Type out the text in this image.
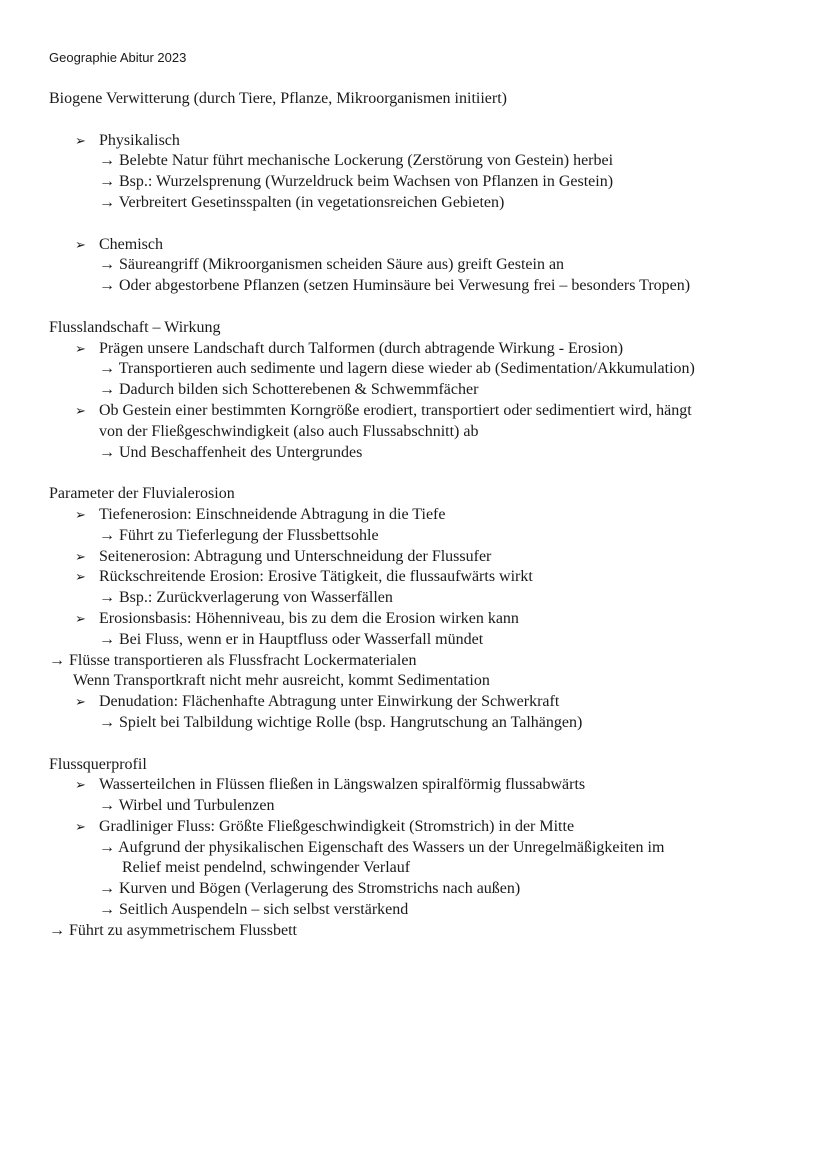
Geographie Abitur 2023
Biogene Verwitterung (durch Tiere, Pflanze, Mikroorganismen initiiert)
➢ Physikalisch
→ Belebte Natur führt mechanische Lockerung (Zerstörung von Gestein) herbei
→ Bsp.: Wurzelsprenung (Wurzeldruck beim Wachsen von Pflanzen in Gestein)
→ Verbreitert Gesetinsspalten (in vegetationsreichen Gebieten)
➢ Chemisch
→ Säureangriff (Mikroorganismen scheiden Säure aus) greift Gestein an
→ Oder abgestorbene Pflanzen (setzen Huminsäure bei Verwesung frei – besonders Tropen)
Flusslandschaft – Wirkung
➢ Prägen unsere Landschaft durch Talformen (durch abtragende Wirkung - Erosion)
→ Transportieren auch sedimente und lagern diese wieder ab (Sedimentation/Akkumulation)
→ Dadurch bilden sich Schotterebenen & Schwemmfächer
➢ Ob Gestein einer bestimmten Korngröße erodiert, transportiert oder sedimentiert wird, hängt
von der Fließgeschwindigkeit (also auch Flussabschnitt) ab
→ Und Beschaffenheit des Untergrundes
Parameter der Fluvialerosion
➢ Tiefenerosion: Einschneidende Abtragung in die Tiefe
→ Führt zu Tieferlegung der Flussbettsohle
➢ Seitenerosion: Abtragung und Unterschneidung der Flussufer
➢ Rückschreitende Erosion: Erosive Tätigkeit, die flussaufwärts wirkt
→ Bsp.: Zurückverlagerung von Wasserfällen
➢ Erosionsbasis: Höhenniveau, bis zu dem die Erosion wirken kann
→ Bei Fluss, wenn er in Hauptfluss oder Wasserfall mündet
→ Flüsse transportieren als Flussfracht Lockermaterialen
Wenn Transportkraft nicht mehr ausreicht, kommt Sedimentation
➢ Denudation: Flächenhafte Abtragung unter Einwirkung der Schwerkraft
→ Spielt bei Talbildung wichtige Rolle (bsp. Hangrutschung an Talhängen)
Flussquerprofil
➢ Wasserteilchen in Flüssen fließen in Längswalzen spiralförmig flussabwärts
→ Wirbel und Turbulenzen
➢ Gradliniger Fluss: Größte Fließgeschwindigkeit (Stromstrich) in der Mitte
→ Aufgrund der physikalischen Eigenschaft des Wassers un der Unregelmäßigkeiten im
Relief meist pendelnd, schwingender Verlauf
→ Kurven und Bögen (Verlagerung des Stromstrichs nach außen)
→ Seitlich Auspendeln – sich selbst verstärkend
→ Führt zu asymmetrischem Flussbett
